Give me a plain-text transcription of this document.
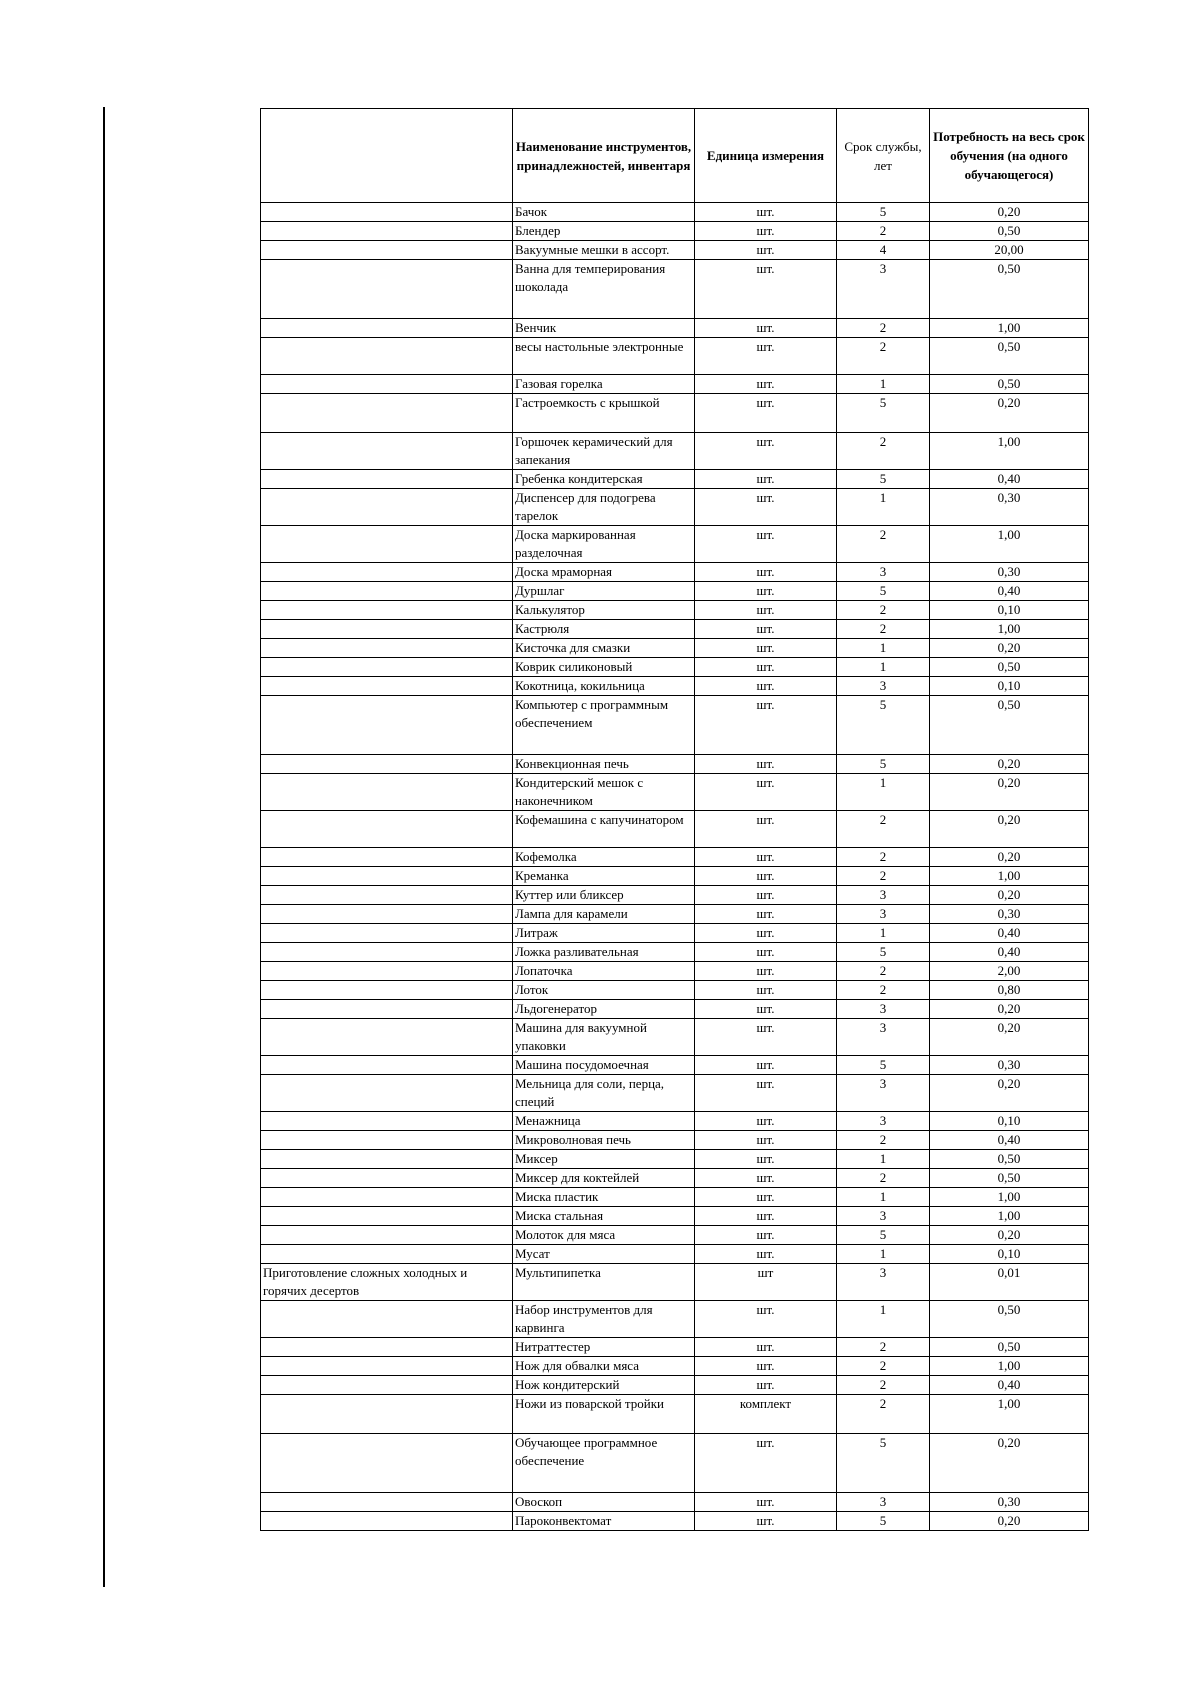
	Наименование инструментов, принадлежностей, инвентаря	Единица измерения	Срок службы, лет	Потребность на весь срок обучения (на одного обучающегося)
	Бачок	шт.	5	0,20
	Блендер	шт.	2	0,50
	Вакуумные мешки в ассорт.	шт.	4	20,00
	Ванна для темперирования шоколада	шт.	3	0,50
	Венчик	шт.	2	1,00
	весы настольные электронные	шт.	2	0,50
	Газовая горелка	шт.	1	0,50
	Гастроемкость с крышкой	шт.	5	0,20
	Горшочек керамический для запекания	шт.	2	1,00
	Гребенка кондитерская	шт.	5	0,40
	Диспенсер для подогрева тарелок	шт.	1	0,30
	Доска маркированная разделочная	шт.	2	1,00
	Доска мраморная	шт.	3	0,30
	Дуршлаг	шт.	5	0,40
	Калькулятор	шт.	2	0,10
	Кастрюля	шт.	2	1,00
	Кисточка для смазки	шт.	1	0,20
	Коврик силиконовый	шт.	1	0,50
	Кокотница, кокильница	шт.	3	0,10
	Компьютер с программным обеспечением	шт.	5	0,50
	Конвекционная печь	шт.	5	0,20
	Кондитерский мешок с наконечником	шт.	1	0,20
	Кофемашина с капучинатором	шт.	2	0,20
	Кофемолка	шт.	2	0,20
	Креманка	шт.	2	1,00
	Куттер или бликсер	шт.	3	0,20
	Лампа для карамели	шт.	3	0,30
	Литраж	шт.	1	0,40
	Ложка разливательная	шт.	5	0,40
	Лопаточка	шт.	2	2,00
	Лоток	шт.	2	0,80
	Льдогенератор	шт.	3	0,20
	Машина для вакуумной упаковки	шт.	3	0,20
	Машина посудомоечная	шт.	5	0,30
	Мельница для соли, перца, специй	шт.	3	0,20
	Менажница	шт.	3	0,10
	Микроволновая печь	шт.	2	0,40
	Миксер	шт.	1	0,50
	Миксер для коктейлей	шт.	2	0,50
	Миска пластик	шт.	1	1,00
	Миска стальная	шт.	3	1,00
	Молоток для мяса	шт.	5	0,20
	Мусат	шт.	1	0,10
Приготовление сложных холодных и горячих десертов	Мультипипетка	шт	3	0,01
	Набор инструментов для карвинга	шт.	1	0,50
	Нитраттестер	шт.	2	0,50
	Нож для обвалки мяса	шт.	2	1,00
	Нож кондитерский	шт.	2	0,40
	Ножи из поварской тройки	комплект	2	1,00
	Обучающее программное обеспечение	шт.	5	0,20
	Овоскоп	шт.	3	0,30
	Пароконвектомат	шт.	5	0,20
